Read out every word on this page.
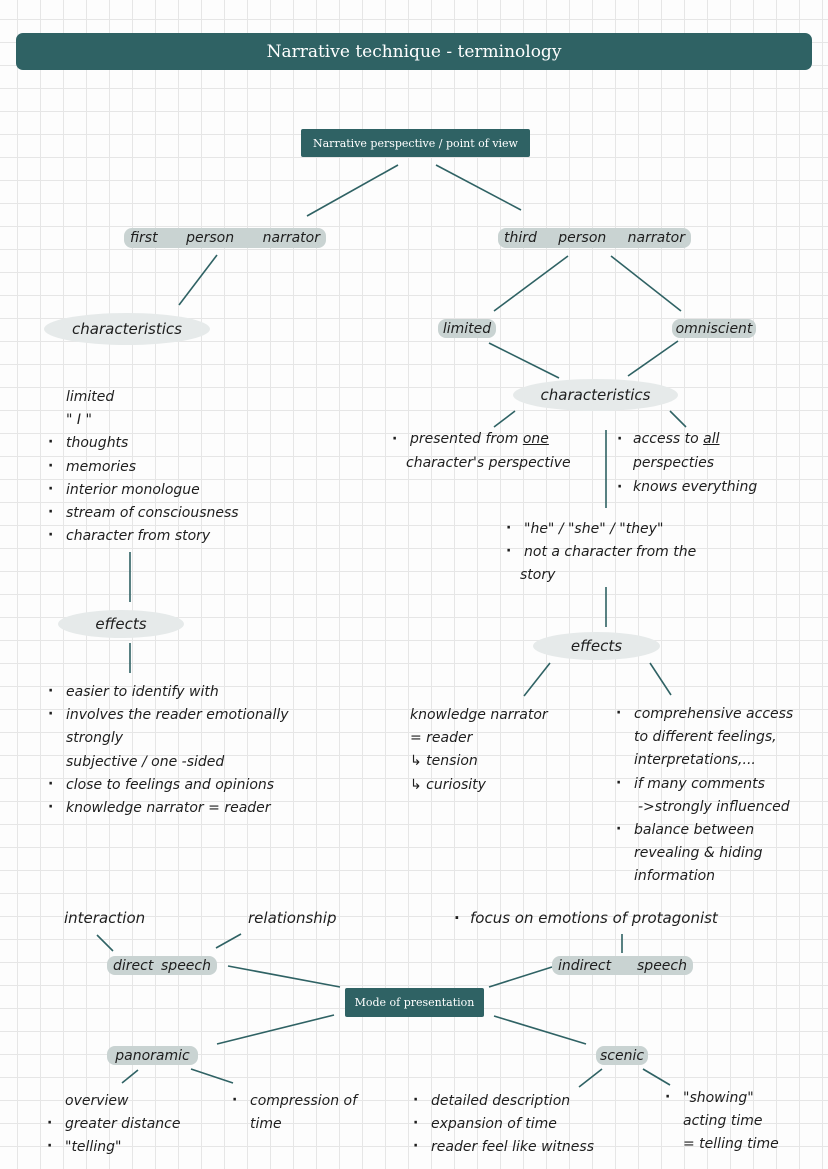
Narrative technique - terminology
Narrative perspective / point of view
first person narrator	third person narrator
characteristics	limited	omniscient
characteristics
limited
" I "
· thoughts
· memories
· interior monologue
· stream of consciousness
· character from story
· presented from one
character's perspective
· access to all
perspecties
· knows everything
· "he" / "she" / "they"
· not a character from the
story
effects
effects
· easier to identify with
· involves the reader emotionally
strongly
subjective / one -sided
· close to feelings and opinions
· knowledge narrator = reader
knowledge narrator
= reader
↳ tension
↳ curiosity
· comprehensive access
to different feelings,
interpretations,...
· if many comments
->strongly influenced
· balance between
revealing & hiding
information
interaction	relationship	· focus on emotions of protagonist
direct speech	indirect speech
Mode of presentation
panoramic	scenic
overview
· greater distance
· "telling"
· compression of
time
· detailed description
· expansion of time
· reader feel like witness
· "showing"
acting time
= telling time
